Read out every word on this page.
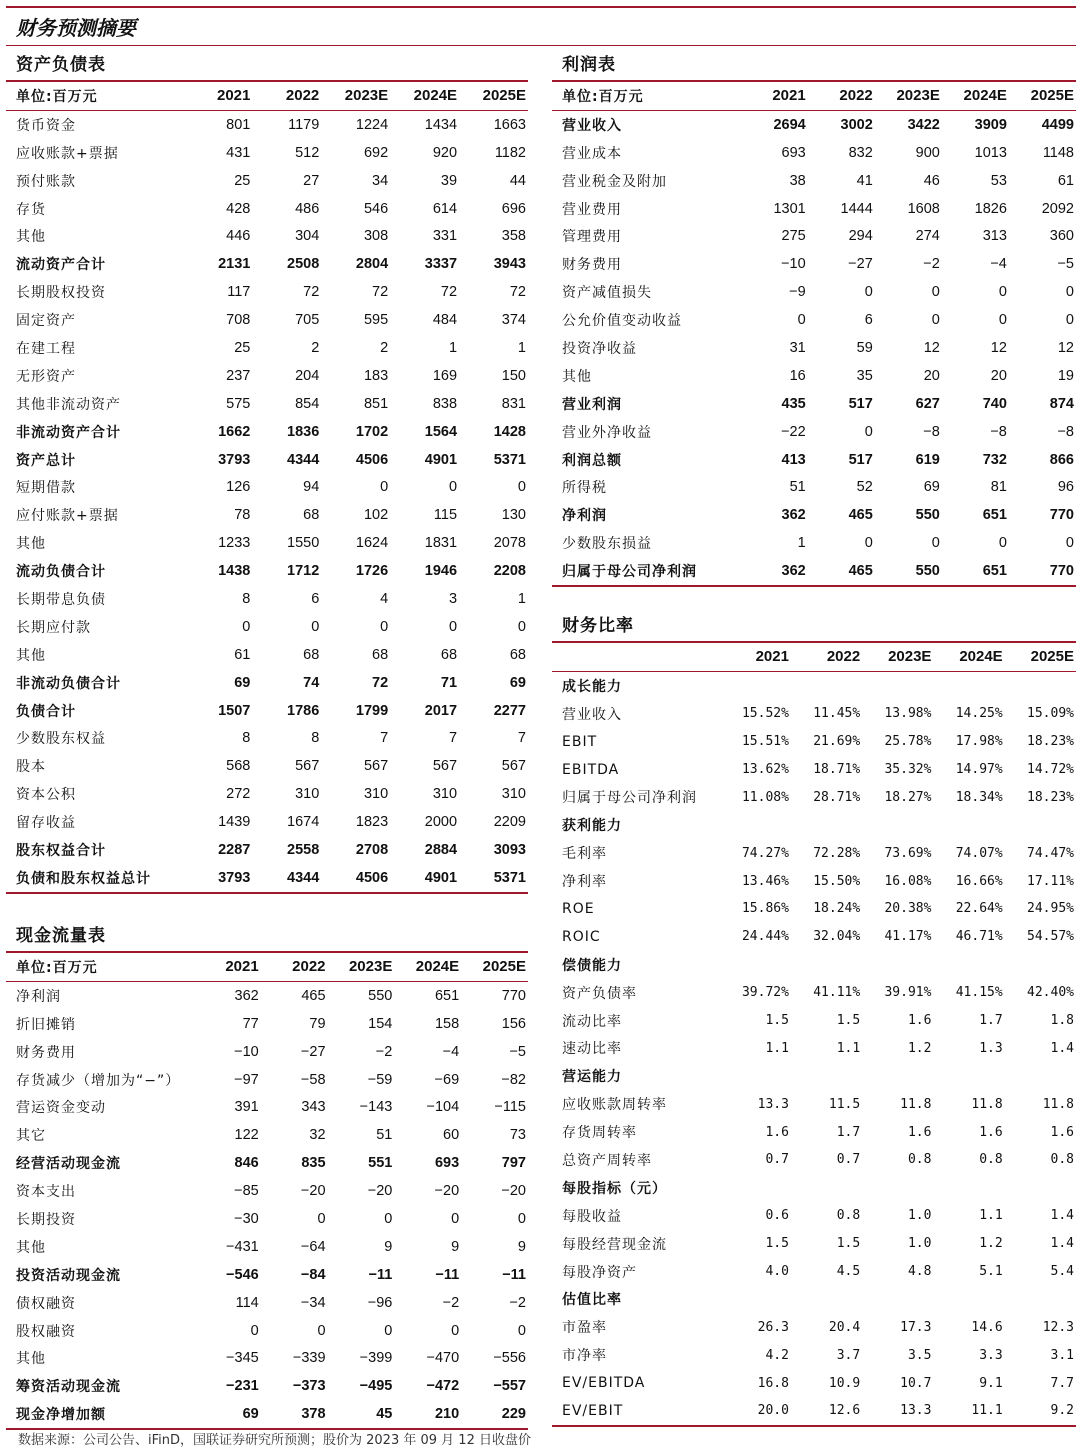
财务预测摘要
资产负债表
单位:百万元	2021	2022	2023E	2024E	2025E
货币资金	801	1179	1224	1434	1663
应收账款+票据	431	512	692	920	1182
预付账款	25	27	34	39	44
存货	428	486	546	614	696
其他	446	304	308	331	358
流动资产合计	2131	2508	2804	3337	3943
长期股权投资	117	72	72	72	72
固定资产	708	705	595	484	374
在建工程	25	2	2	1	1
无形资产	237	204	183	169	150
其他非流动资产	575	854	851	838	831
非流动资产合计	1662	1836	1702	1564	1428
资产总计	3793	4344	4506	4901	5371
短期借款	126	94	0	0	0
应付账款+票据	78	68	102	115	130
其他	1233	1550	1624	1831	2078
流动负债合计	1438	1712	1726	1946	2208
长期带息负债	8	6	4	3	1
长期应付款	0	0	0	0	0
其他	61	68	68	68	68
非流动负债合计	69	74	72	71	69
负债合计	1507	1786	1799	2017	2277
少数股东权益	8	8	7	7	7
股本	568	567	567	567	567
资本公积	272	310	310	310	310
留存收益	1439	1674	1823	2000	2209
股东权益合计	2287	2558	2708	2884	3093
负债和股东权益总计	3793	4344	4506	4901	5371
现金流量表
单位:百万元	2021	2022	2023E	2024E	2025E
净利润	362	465	550	651	770
折旧摊销	77	79	154	158	156
财务费用	−10	−27	−2	−4	−5
存货减少（增加为“−”）	−97	−58	−59	−69	−82
营运资金变动	391	343	−143	−104	−115
其它	122	32	51	60	73
经营活动现金流	846	835	551	693	797
资本支出	−85	−20	−20	−20	−20
长期投资	−30	0	0	0	0
其他	−431	−64	9	9	9
投资活动现金流	−546	−84	−11	−11	−11
债权融资	114	−34	−96	−2	−2
股权融资	0	0	0	0	0
其他	−345	−339	−399	−470	−556
筹资活动现金流	−231	−373	−495	−472	−557
现金净增加额	69	378	45	210	229
利润表
单位:百万元	2021	2022	2023E	2024E	2025E
营业收入	2694	3002	3422	3909	4499
营业成本	693	832	900	1013	1148
营业税金及附加	38	41	46	53	61
营业费用	1301	1444	1608	1826	2092
管理费用	275	294	274	313	360
财务费用	−10	−27	−2	−4	−5
资产减值损失	−9	0	0	0	0
公允价值变动收益	0	6	0	0	0
投资净收益	31	59	12	12	12
其他	16	35	20	20	19
营业利润	435	517	627	740	874
营业外净收益	−22	0	−8	−8	−8
利润总额	413	517	619	732	866
所得税	51	52	69	81	96
净利润	362	465	550	651	770
少数股东损益	1	0	0	0	0
归属于母公司净利润	362	465	550	651	770
财务比率
	2021	2022	2023E	2024E	2025E
成长能力					
营业收入	15.52%	11.45%	13.98%	14.25%	15.09%
EBIT	15.51%	21.69%	25.78%	17.98%	18.23%
EBITDA	13.62%	18.71%	35.32%	14.97%	14.72%
归属于母公司净利润	11.08%	28.71%	18.27%	18.34%	18.23%
获利能力					
毛利率	74.27%	72.28%	73.69%	74.07%	74.47%
净利率	13.46%	15.50%	16.08%	16.66%	17.11%
ROE	15.86%	18.24%	20.38%	22.64%	24.95%
ROIC	24.44%	32.04%	41.17%	46.71%	54.57%
偿债能力					
资产负债率	39.72%	41.11%	39.91%	41.15%	42.40%
流动比率	1.5	1.5	1.6	1.7	1.8
速动比率	1.1	1.1	1.2	1.3	1.4
营运能力					
应收账款周转率	13.3	11.5	11.8	11.8	11.8
存货周转率	1.6	1.7	1.6	1.6	1.6
总资产周转率	0.7	0.7	0.8	0.8	0.8
每股指标（元）					
每股收益	0.6	0.8	1.0	1.1	1.4
每股经营现金流	1.5	1.5	1.0	1.2	1.4
每股净资产	4.0	4.5	4.8	5.1	5.4
估值比率					
市盈率	26.3	20.4	17.3	14.6	12.3
市净率	4.2	3.7	3.5	3.3	3.1
EV/EBITDA	16.8	10.9	10.7	9.1	7.7
EV/EBIT	20.0	12.6	13.3	11.1	9.2
数据来源：公司公告、iFinD，国联证券研究所预测；股价为 2023 年 09 月 12 日收盘价
